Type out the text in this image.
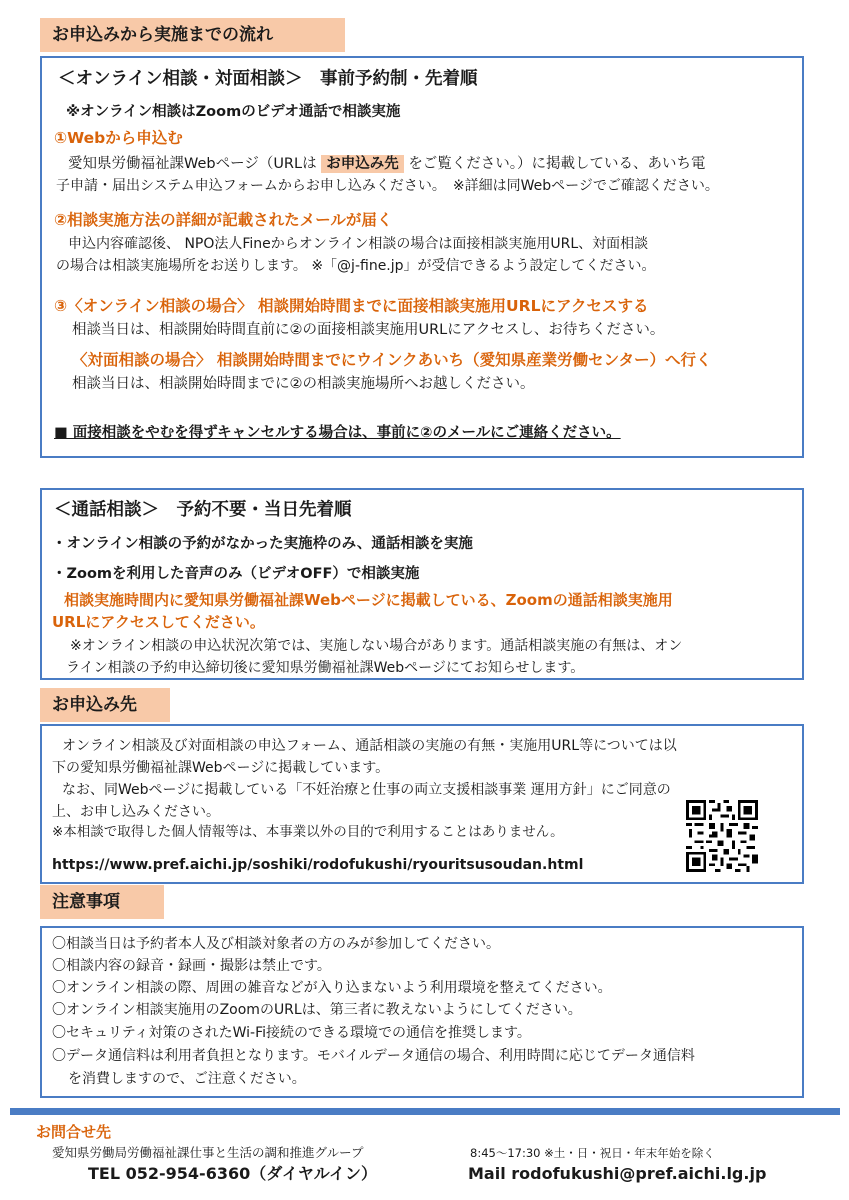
お申込みから実施までの流れ
＜オンライン相談・対面相談＞　事前予約制・先着順
※オンライン相談はZoomのビデオ通話で相談実施
①Webから申込む
愛知県労働福祉課Webページ（URLは お申込み先 をご覧ください。）に掲載している、あいち電
子申請・届出システム申込フォームからお申し込みください。　※詳細は同Webページでご確認ください。
②相談実施方法の詳細が記載されたメールが届く
申込内容確認後、 NPO法人Fineからオンライン相談の場合は面接相談実施用URL、対面相談
の場合は相談実施場所をお送りします。 ※「@j-fine.jp」が受信できるよう設定してください。
③〈オンライン相談の場合〉 相談開始時間までに面接相談実施用URLにアクセスする
相談当日は、相談開始時間直前に②の面接相談実施用URLにアクセスし、お待ちください。
〈対面相談の場合〉 相談開始時間までにウインクあいち（愛知県産業労働センター）へ行く
相談当日は、相談開始時間までに②の相談実施場所へお越しください。
■ 面接相談をやむを得ずキャンセルする場合は、事前に②のメールにご連絡ください。
＜通話相談＞　予約不要・当日先着順
・オンライン相談の予約がなかった実施枠のみ、通話相談を実施
・Zoomを利用した音声のみ（ビデオOFF）で相談実施
相談実施時間内に愛知県労働福祉課Webページに掲載している、Zoomの通話相談実施用
URLにアクセスしてください。
※オンライン相談の申込状況次第では、実施しない場合があります。通話相談実施の有無は、オン
ライン相談の予約申込締切後に愛知県労働福祉課Webページにてお知らせします。
お申込み先
オンライン相談及び対面相談の申込フォーム、通話相談の実施の有無・実施用URL等については以
下の愛知県労働福祉課Webページに掲載しています。
なお、同Webページに掲載している「不妊治療と仕事の両立支援相談事業 運用方針」にご同意の
上、お申し込みください。
※本相談で取得した個人情報等は、本事業以外の目的で利用することはありません。
https://www.pref.aichi.jp/soshiki/rodofukushi/ryouritsusoudan.html
注意事項
〇相談当日は予約者本人及び相談対象者の方のみが参加してください。
〇相談内容の録音・録画・撮影は禁止です。
〇オンライン相談の際、周囲の雑音などが入り込まないよう利用環境を整えてください。
〇オンライン相談実施用のZoomのURLは、第三者に教えないようにしてください。
〇セキュリティ対策のされたWi-Fi接続のできる環境での通信を推奨します。
〇データ通信料は利用者負担となります。モバイルデータ通信の場合、利用時間に応じてデータ通信料
を消費しますので、ご注意ください。
お問合せ先
愛知県労働局労働福祉課仕事と生活の調和推進グループ	8:45～17:30 ※土・日・祝日・年末年始を除く
TEL 052-954-6360（ダイヤルイン）	Mail rodofukushi@pref.aichi.lg.jp
